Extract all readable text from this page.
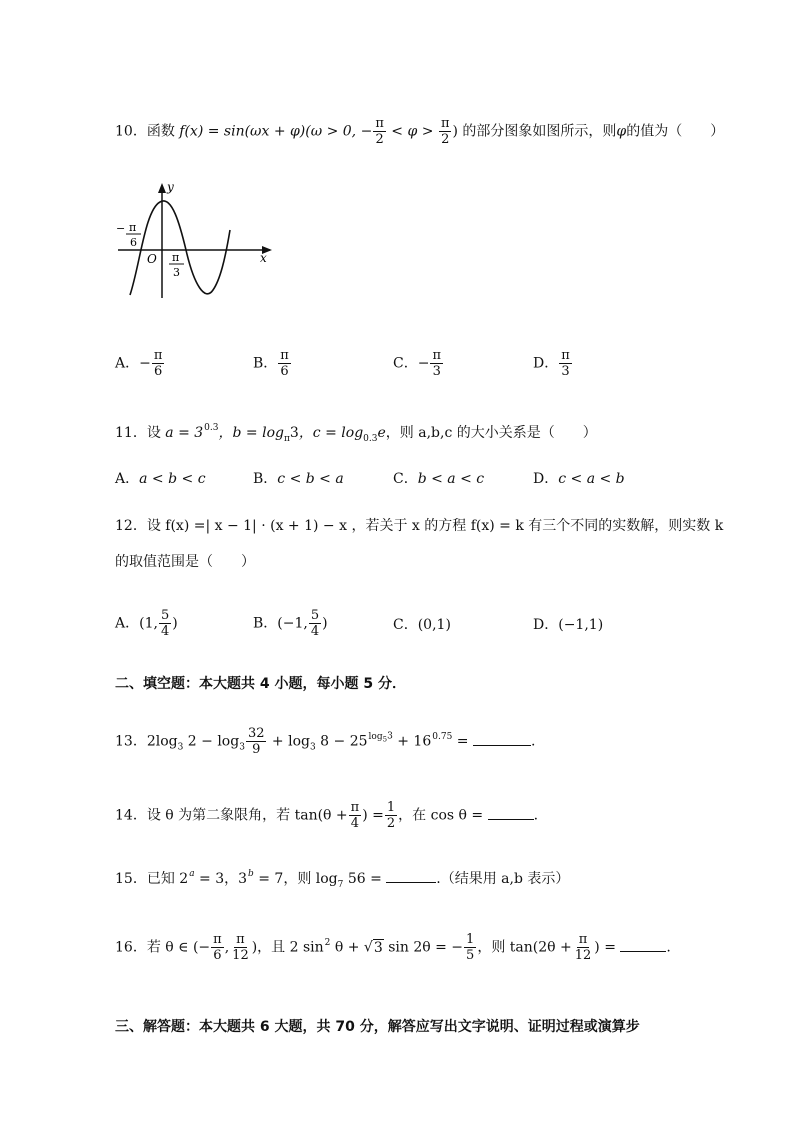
10．函数 f(x) = sin(ωx + φ)(ω > 0, − $\frac{\pi}{2} < \varphi > \frac{\pi}{2}$ ) 的部分图象如图所示，则φ的值为（　　）
y
x
O
− π
6
π
3
A．− $\frac{\pi}{6}$	B． $\frac{\pi}{6}$	C．− $\frac{\pi}{3}$	D． $\frac{\pi}{3}$
11．设 $a = 3^{0.3}$，$b = \log_\pi 3$，$c = \log_{0.3}e$，则 a,b,c 的大小关系是（　　）
A．a < b < c	B．c < b < a	C．b < a < c	D．c < a < b
12．设 f(x) =| x − 1| · (x + 1) − x ，若关于 x 的方程 f(x) = k 有三个不同的实数解，则实数 k
的取值范围是（　　）
A．(1, $\frac{5}{4}$ )	B．(−1, $\frac{5}{4}$ )	C．(0,1)	D．(−1,1)
二、填空题：本大题共 4 小题，每小题 5 分．
13．$2\log_3$ $2 - \log_3 \frac{32}{9} + \log_3 8 - 25^{log53} + 16^{0.75}$ =	.
14．设 θ 为第二象限角，若 $\tan(\theta + \frac{\pi}{4}$ ) = $\frac{1}{2}$ ，在 cos θ =	.
15．已知 $2^a = 3$，$3^b = 7$，则 $\log_7 56$ =	.（结果用 a,b 表示）
16．若 θ ∈ (− $\frac{\pi}{6}$ , $\frac{\pi}{12}$ )，且 2 $\sin^2 \theta + √3$ sin 2θ = − $\frac{1}{5}$ ，则 $\tan(2\theta + \frac{\pi}{12}$ ) =	.
三、解答题：本大题共 6 大题，共 70 分，解答应写出文字说明、证明过程或演算步
